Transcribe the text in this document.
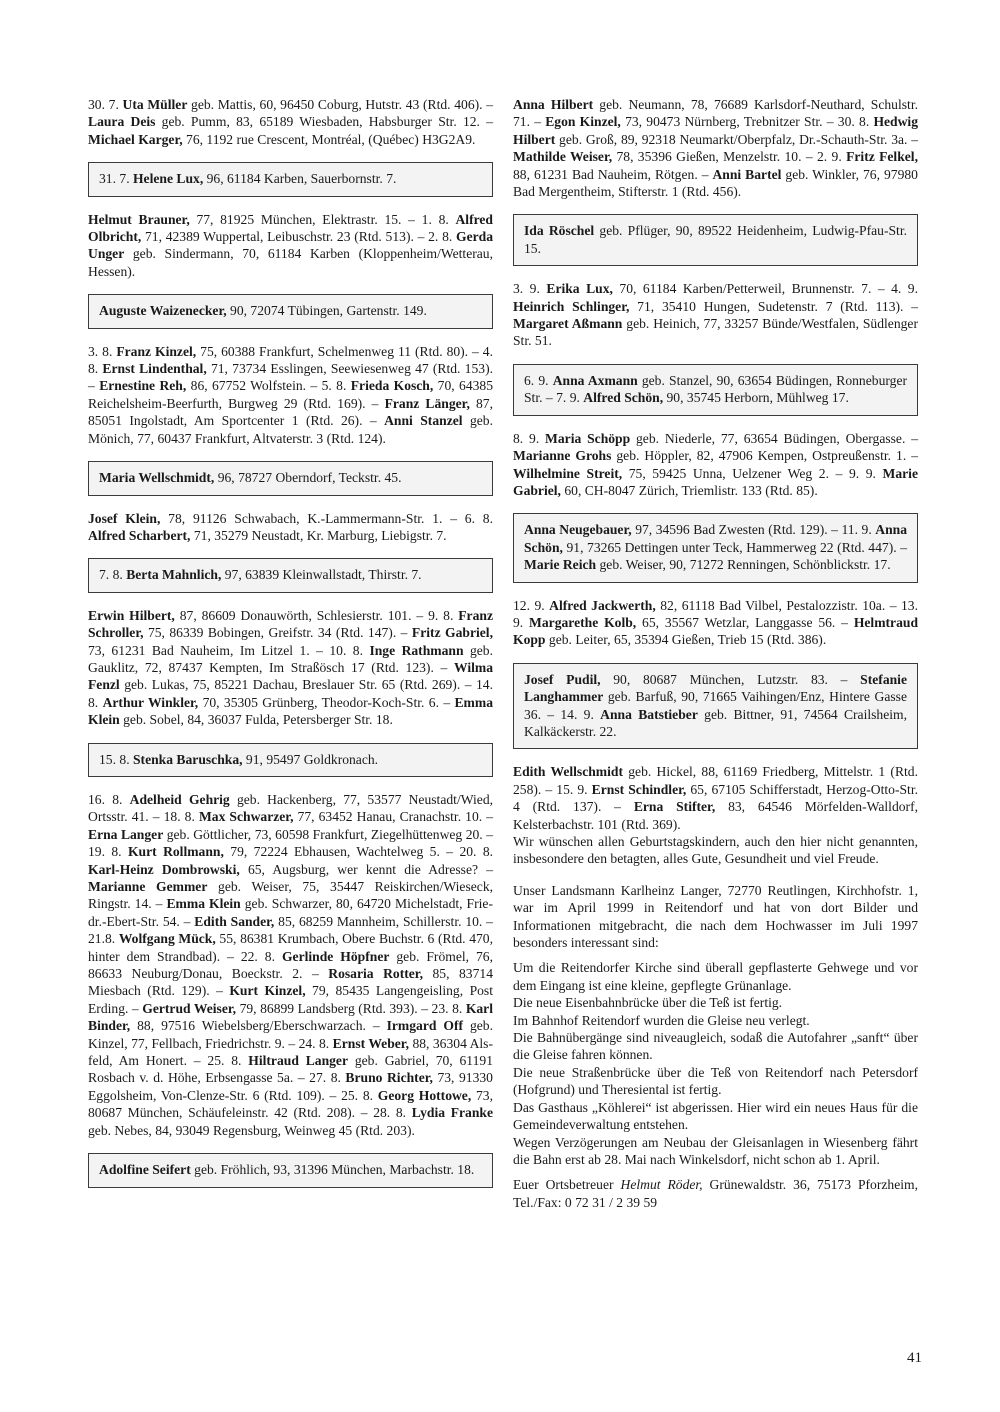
30. 7. Uta Müller geb. Mattis, 60, 96450 Coburg, Hutstr. 43 (Rtd. 406). – Laura Deis geb. Pumm, 83, 65189 Wiesbaden, Habsburger Str. 12. – Michael Karger, 76, 1192 rue Crescent, Montréal, (Québec) H3G2A9.
31. 7. Helene Lux, 96, 61184 Karben, Sauerbornstr. 7.
Helmut Brauner, 77, 81925 München, Elektrastr. 15. – 1. 8. Alfred Olbricht, 71, 42389 Wuppertal, Leibuschstr. 23 (Rtd. 513). – 2. 8. Gerda Unger geb. Sindermann, 70, 61184 Karben (Kloppenheim/Wetterau, Hessen).
Auguste Waizenecker, 90, 72074 Tübingen, Gartenstr. 149.
3. 8. Franz Kinzel, 75, 60388 Frankfurt, Schelmenweg 11 (Rtd. 80). – 4. 8. Ernst Lindenthal, 71, 73734 Esslingen, Seewiesenweg 47 (Rtd. 153). – Ernestine Reh, 86, 67752 Wolfstein. – 5. 8. Frieda Kosch, 70, 64385 Reichelsheim-Beerfurth, Burgweg 29 (Rtd. 169). – Franz Länger, 87, 85051 Ingolstadt, Am Sportcenter 1 (Rtd. 26). – Anni Stanzel geb. Mönich, 77, 60437 Frankfurt, Altvaterstr. 3 (Rtd. 124).
Maria Wellschmidt, 96, 78727 Oberndorf, Teckstr. 45.
Josef Klein, 78, 91126 Schwabach, K.-Lammermann-Str. 1. – 6. 8. Alfred Scharbert, 71, 35279 Neustadt, Kr. Marburg, Liebigstr. 7.
7. 8. Berta Mahnlich, 97, 63839 Kleinwallstadt, Thirstr. 7.
Erwin Hilbert, 87, 86609 Donauwörth, Schlesierstr. 101. – 9. 8. Franz Schroller, 75, 86339 Bobingen, Greifstr. 34 (Rtd. 147). – Fritz Gabriel, 73, 61231 Bad Nauheim, Im Litzel 1. – 10. 8. Inge Rathmann geb. Gauklitz, 72, 87437 Kempten, Im Straßösch 17 (Rtd. 123). – Wilma Fenzl geb. Lukas, 75, 85221 Dachau, Breslauer Str. 65 (Rtd. 269). – 14. 8. Arthur Winkler, 70, 35305 Grünberg, Theodor-Koch-Str. 6. – Emma Klein geb. Sobel, 84, 36037 Fulda, Petersberger Str. 18.
15. 8. Stenka Baruschka, 91, 95497 Goldkronach.
16. 8. Adelheid Gehrig geb. Hackenberg, 77, 53577 Neustadt/Wied, Ortsstr. 41. – 18. 8. Max Schwarzer, 77, 63452 Hanau, Cranachstr. 10. – Erna Langer geb. Göttlicher, 73, 60598 Frankfurt, Ziegelhüttenweg 20. – 19. 8. Kurt Rollmann, 79, 72224 Ebhausen, Wachtelweg 5. – 20. 8. Karl-Heinz Dombrowski, 65, Augsburg, wer kennt die Adresse? – Marianne Gemmer geb. Weiser, 75, 35447 Reiskirchen/Wieseck, Ringstr. 14. – Emma Klein geb. Schwarzer, 80, 64720 Michelstadt, Friedr.-Ebert-Str. 54. – Edith Sander, 85, 68259 Mannheim, Schillerstr. 10. – 21.8. Wolfgang Mück, 55, 86381 Krumbach, Obere Buchstr. 6 (Rtd. 470, hinter dem Strandbad). – 22. 8. Gerlinde Höpfner geb. Frömel, 76, 86633 Neuburg/Donau, Boeckstr. 2. – Rosaria Rotter, 85, 83714 Miesbach (Rtd. 129). – Kurt Kinzel, 79, 85435 Langengeisling, Post Erding. – Gertrud Weiser, 79, 86899 Landsberg (Rtd. 393). – 23. 8. Karl Binder, 88, 97516 Wiebelsberg/Eberschwarzach. – Irmgard Off geb. Kinzel, 77, Fellbach, Friedrichstr. 9. – 24. 8. Ernst Weber, 88, 36304 Alsfeld, Am Honert. – 25. 8. Hiltraud Langer geb. Gabriel, 70, 61191 Rosbach v. d. Höhe, Erbsengasse 5a. – 27. 8. Bruno Richter, 73, 91330 Eggolsheim, Von-Clenze-Str. 6 (Rtd. 109). – 25. 8. Georg Hottowe, 73, 80687 München, Schäufeleinstr. 42 (Rtd. 208). – 28. 8. Lydia Franke geb. Nebes, 84, 93049 Regensburg, Weinweg 45 (Rtd. 203).
Adolfine Seifert geb. Fröhlich, 93, 31396 München, Marbachstr. 18.
Anna Hilbert geb. Neumann, 78, 76689 Karlsdorf-Neuthard, Schulstr. 71. – Egon Kinzel, 73, 90473 Nürnberg, Trebnitzer Str. – 30. 8. Hedwig Hilbert geb. Groß, 89, 92318 Neumarkt/Oberpfalz, Dr.-Schauth-Str. 3a. – Mathilde Weiser, 78, 35396 Gießen, Menzelstr. 10. – 2. 9. Fritz Felkel, 88, 61231 Bad Nauheim, Rötgen. – Anni Bartel geb. Winkler, 76, 97980 Bad Mergentheim, Stifterstr. 1 (Rtd. 456).
Ida Röschel geb. Pflüger, 90, 89522 Heidenheim, Ludwig-Pfau-Str. 15.
3. 9. Erika Lux, 70, 61184 Karben/Petterweil, Brunnenstr. 7. – 4. 9. Heinrich Schlinger, 71, 35410 Hungen, Sudetenstr. 7 (Rtd. 113). – Margaret Aßmann geb. Heinich, 77, 33257 Bünde/Westfalen, Südlenger Str. 51.
6. 9. Anna Axmann geb. Stanzel, 90, 63654 Büdingen, Ronneburger Str. – 7. 9. Alfred Schön, 90, 35745 Herborn, Mühlweg 17.
8. 9. Maria Schöpp geb. Niederle, 77, 63654 Büdingen, Obergasse. – Marianne Grohs geb. Höppler, 82, 47906 Kempen, Ostpreußenstr. 1. – Wilhelmine Streit, 75, 59425 Unna, Uelzener Weg 2. – 9. 9. Marie Gabriel, 60, CH-8047 Zürich, Triemlistr. 133 (Rtd. 85).
Anna Neugebauer, 97, 34596 Bad Zwesten (Rtd. 129). – 11. 9. Anna Schön, 91, 73265 Dettingen unter Teck, Hammerweg 22 (Rtd. 447). – Marie Reich geb. Weiser, 90, 71272 Renningen, Schönblickstr. 17.
12. 9. Alfred Jackwerth, 82, 61118 Bad Vilbel, Pestalozzistr. 10a. – 13. 9. Margarethe Kolb, 65, 35567 Wetzlar, Langgasse 56. – Helmtraud Kopp geb. Leiter, 65, 35394 Gießen, Trieb 15 (Rtd. 386).
Josef Pudil, 90, 80687 München, Lutzstr. 83. – Stefanie Langhammer geb. Barfuß, 90, 71665 Vaihingen/Enz, Hintere Gasse 36. – 14. 9. Anna Batstieber geb. Bittner, 91, 74564 Crailsheim, Kalkäckerstr. 22.
Edith Wellschmidt geb. Hickel, 88, 61169 Friedberg, Mittelstr. 1 (Rtd. 258). – 15. 9. Ernst Schindler, 65, 67105 Schifferstadt, Herzog-Otto-Str. 4 (Rtd. 137). – Erna Stifter, 83, 64546 Mörfelden-Walldorf, Kelsterbachstr. 101 (Rtd. 369).
Wir wünschen allen Geburtstagskindern, auch den hier nicht genannten, insbesondere den betagten, alles Gute, Gesundheit und viel Freude.
Unser Landsmann Karlheinz Langer, 72770 Reutlingen, Kirchhofstr. 1, war im April 1999 in Reitendorf und hat von dort Bilder und Informationen mitgebracht, die nach dem Hochwasser im Juli 1997 besonders interessant sind:
Um die Reitendorfer Kirche sind überall gepflasterte Gehwege und vor dem Eingang ist eine kleine, gepflegte Grünanlage.
Die neue Eisenbahnbrücke über die Teß ist fertig.
Im Bahnhof Reitendorf wurden die Gleise neu verlegt.
Die Bahnübergänge sind niveaugleich, sodaß die Autofahrer „sanft“ über die Gleise fahren können.
Die neue Straßenbrücke über die Teß von Reitendorf nach Petersdorf (Hofgrund) und Theresiental ist fertig.
Das Gasthaus „Köhlerei“ ist abgerissen. Hier wird ein neues Haus für die Gemeindeverwaltung entstehen.
Wegen Verzögerungen am Neubau der Gleisanlagen in Wiesenberg fährt die Bahn erst ab 28. Mai nach Winkelsdorf, nicht schon ab 1. April.
Euer Ortsbetreuer Helmut Röder, Grünewaldstr. 36, 75173 Pforzheim, Tel./Fax: 0 72 31 / 2 39 59
41
